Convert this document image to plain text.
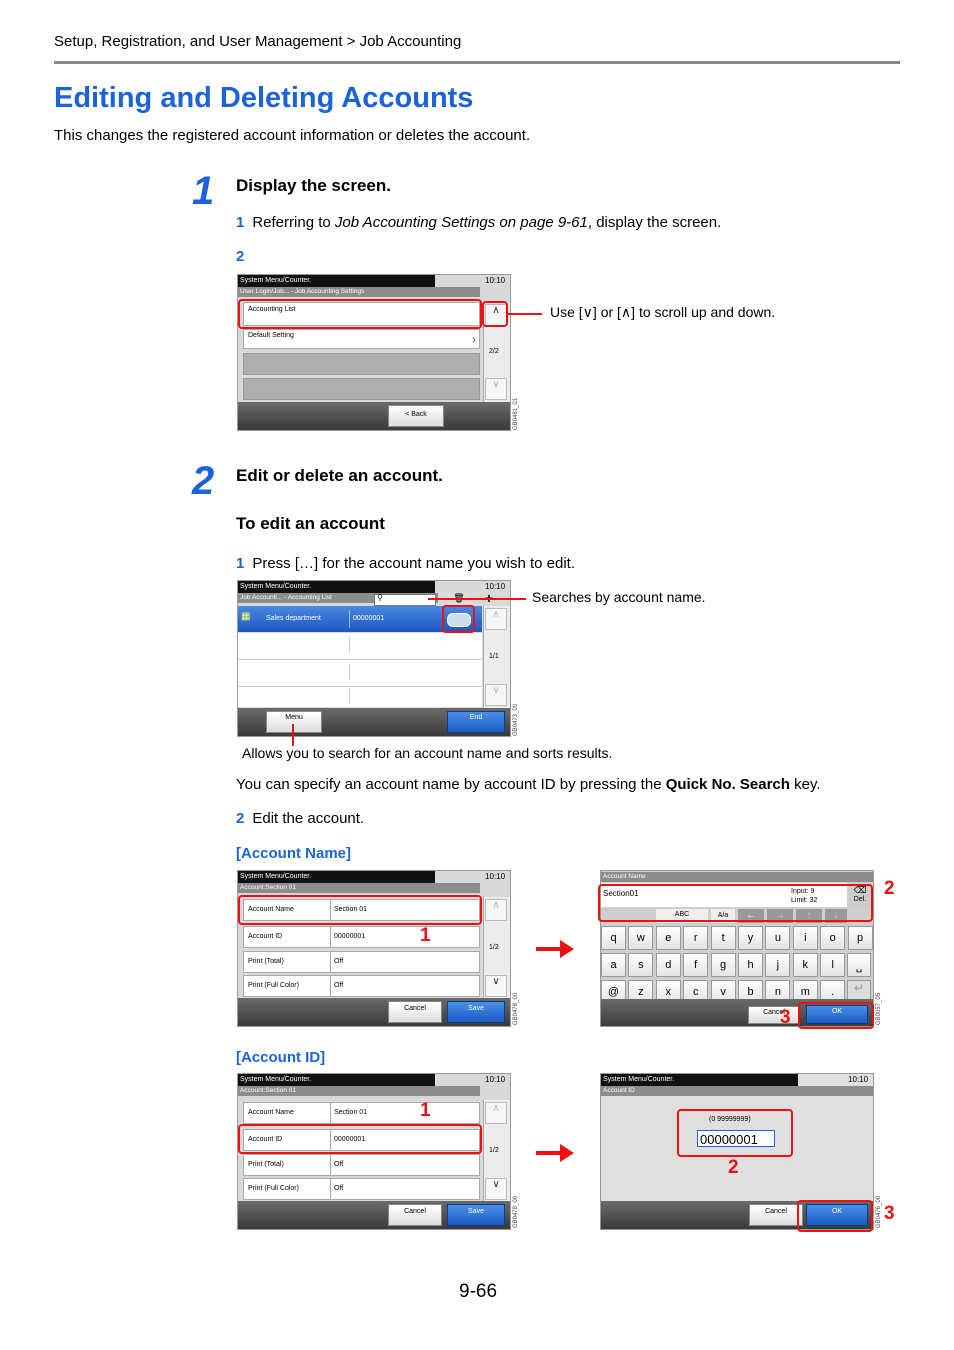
Setup, Registration, and User Management > Job Accounting
Editing and Deleting Accounts
This changes the registered account information or deletes the account.
1 Display the screen.
1 Referring to Job Accounting Settings on page 9-61, display the screen.
2
System Menu/Counter.	10:10
User Login/Job... - Job Accounting Settings
Accounting List
Default Setting	›
∧
2/2
∨
< Back	GB0481_01
Use [∨] or [∧] to scroll up and down.
2 Edit or delete an account.
To edit an account
1 Press […] for the account name you wish to edit.
System Menu/Counter.	10:10
Job Accounti... - Accounting List	⚲
▦ Sales department	00000001	∧
1/1
∨
Menu	End	GB0473_00
Searches by account name.
Allows you to search for an account name and sorts results.
You can specify an account name by account ID by pressing the Quick No. Search key.
2 Edit the account.
[Account Name]
System Menu/Counter.	10:10
Account:Section 01
Account Name	Section 01
Account ID	00000001
Print (Total)	Off
Print (Full Color)	Off
∧
1/2
∨
Cancel	Save	GB0478_00
1
Account Name
Section01	Input: 9
Limit: 32
⌫
Del.
ABC	A/a	←	→	↑	↓
q	w	e	r	t	y	u	i	o	p
a	s	d	f	g	h	j	k	l
@	z	x	c	v	b	n	m	.
␣
↵
Cancel	OK	GB0057_05
2
3
[Account ID]
System Menu/Counter.	10:10
Account:Section 01
Account Name	Section 01
Account ID	00000001
Print (Total)	Off
Print (Full Color)	Off
∧
1/2
∨
Cancel	Save	GB0478_00
1
System Menu/Counter.	10:10
Account ID
(0 99999999)
00000001
Cancel	OK	GB0476_00
2
3
9-66
